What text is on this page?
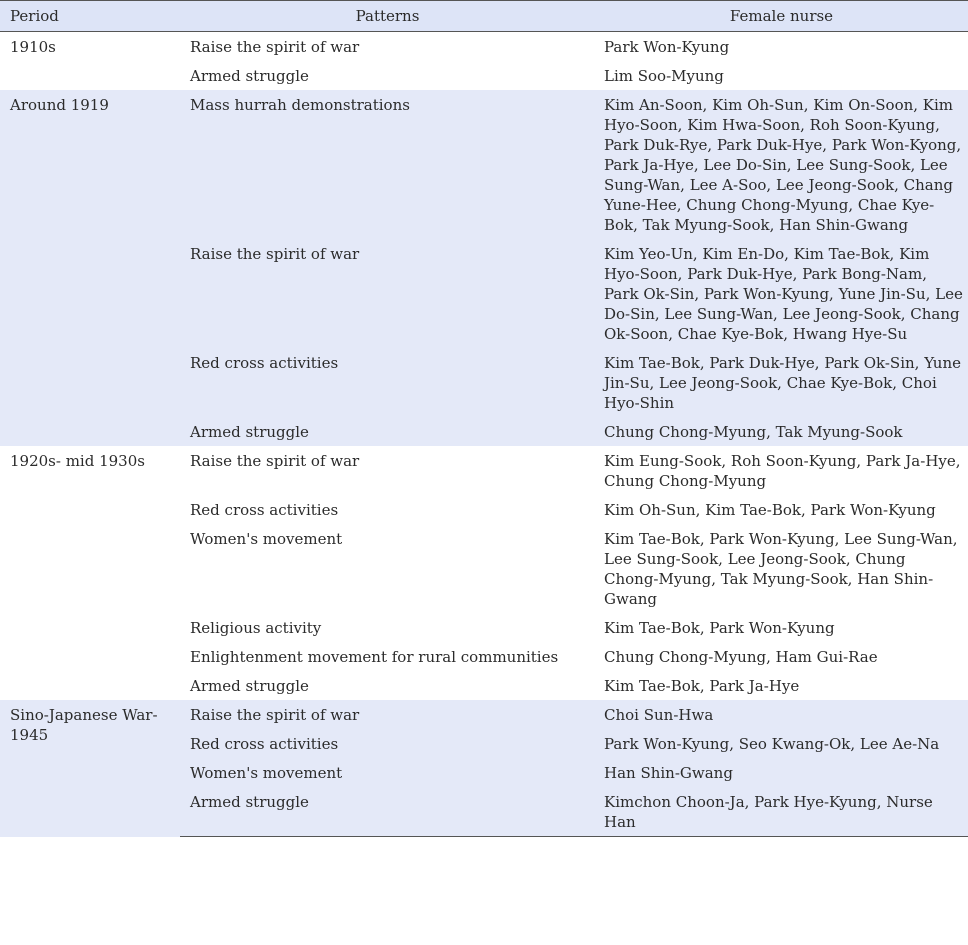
Period	Patterns	Female nurse
1910s	Raise the spirit of war	Park Won-Kyung
	Armed struggle	Lim Soo-Myung
Around 1919	Mass hurrah demonstrations	Kim An-Soon, Kim Oh-Sun, Kim On-Soon, Kim Hyo-Soon, Kim Hwa-Soon, Roh Soon-Kyung, Park Duk-Rye, Park Duk-Hye, Park Won-Kyong, Park Ja-Hye, Lee Do-Sin, Lee Sung-Sook, Lee Sung-Wan, Lee A-Soo, Lee Jeong-Sook, Chang Yune-Hee, Chung Chong-Myung, Chae Kye-Bok, Tak Myung-Sook, Han Shin-Gwang
	Raise the spirit of war	Kim Yeo-Un, Kim En-Do, Kim Tae-Bok, Kim Hyo-Soon, Park Duk-Hye, Park Bong-Nam, Park Ok-Sin, Park Won-Kyung, Yune Jin-Su, Lee Do-Sin, Lee Sung-Wan, Lee Jeong-Sook, Chang Ok-Soon, Chae Kye-Bok, Hwang Hye-Su
	Red cross activities	Kim Tae-Bok, Park Duk-Hye, Park Ok-Sin, Yune Jin-Su, Lee Jeong-Sook, Chae Kye-Bok, Choi Hyo-Shin
	Armed struggle	Chung Chong-Myung, Tak Myung-Sook
1920s- mid 1930s	Raise the spirit of war	Kim Eung-Sook, Roh Soon-Kyung, Park Ja-Hye, Chung Chong-Myung
	Red cross activities	Kim Oh-Sun, Kim Tae-Bok, Park Won-Kyung
	Women's movement	Kim Tae-Bok, Park Won-Kyung, Lee Sung-Wan, Lee Sung-Sook, Lee Jeong-Sook, Chung Chong-Myung, Tak Myung-Sook, Han Shin-Gwang
	Religious activity	Kim Tae-Bok, Park Won-Kyung
	Enlightenment movement for rural communities	Chung Chong-Myung, Ham Gui-Rae
	Armed struggle	Kim Tae-Bok, Park Ja-Hye
Sino-Japanese War-1945	Raise the spirit of war	Choi Sun-Hwa
	Red cross activities	Park Won-Kyung, Seo Kwang-Ok, Lee Ae-Na
	Women's movement	Han Shin-Gwang
	Armed struggle	Kimchon Choon-Ja, Park Hye-Kyung, Nurse Han
